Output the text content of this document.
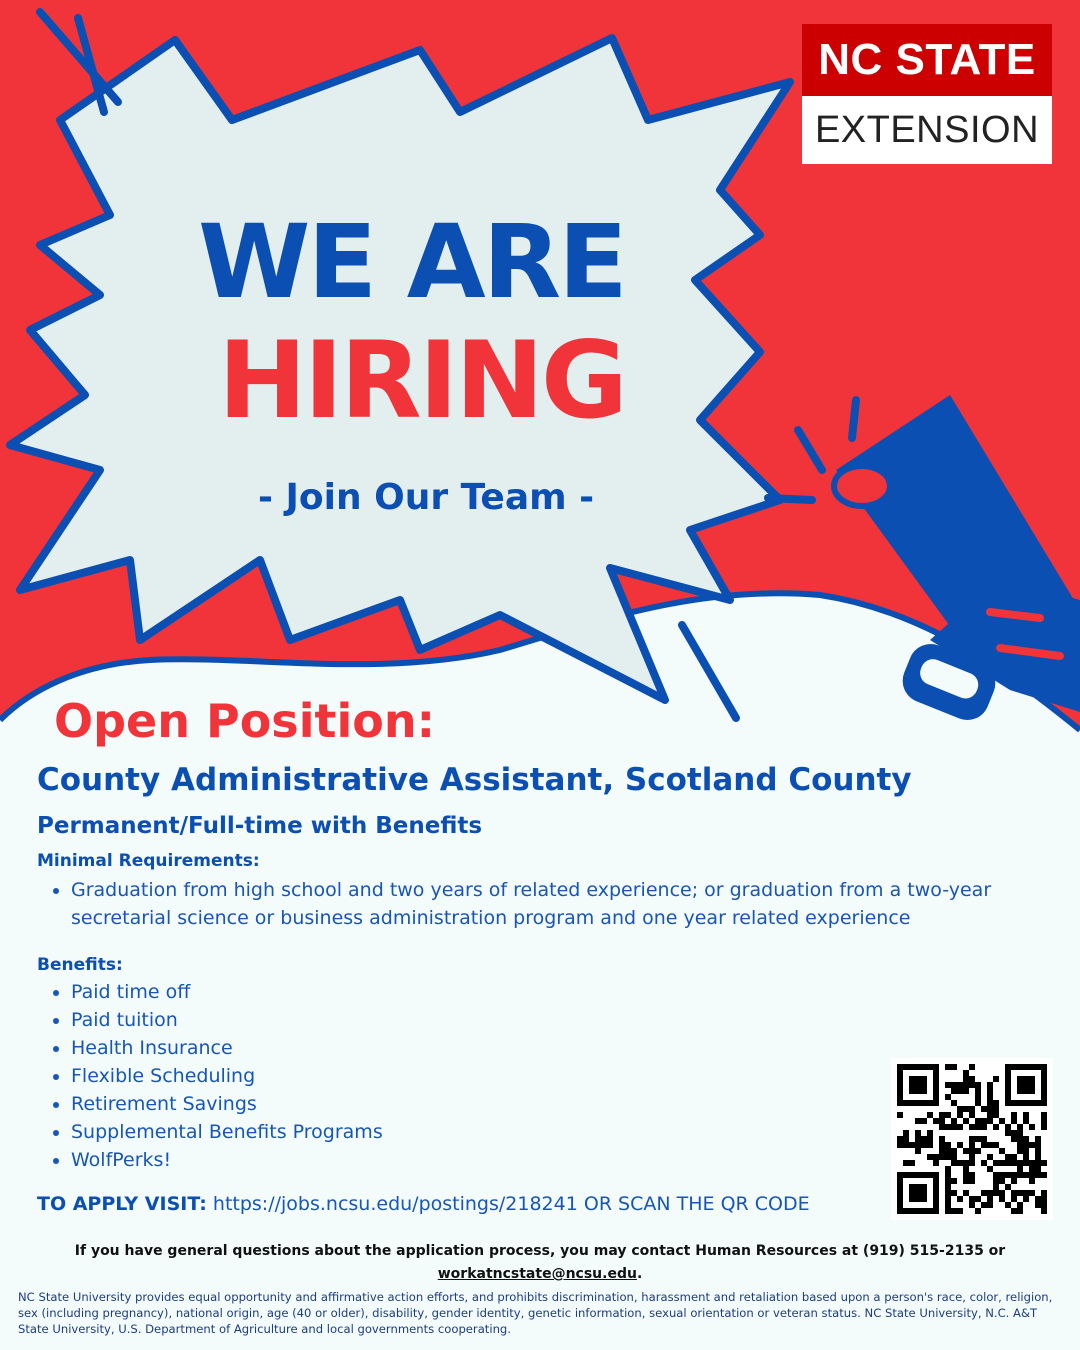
NC STATE
EXTENSION
WE ARE
HIRING
- Join Our Team -
Open Position:
County Administrative Assistant, Scotland County
Permanent/Full-time with Benefits
Minimal Requirements:
• Graduation from high school and two years of related experience; or graduation from a two-year secretarial science or business administration program and one year related experience
Benefits:
• Paid time off
• Paid tuition
• Health Insurance
• Flexible Scheduling
• Retirement Savings
• Supplemental Benefits Programs
• WolfPerks!
TO APPLY VISIT: https://jobs.ncsu.edu/postings/218241 OR SCAN THE QR CODE
If you have general questions about the application process, you may contact Human Resources at (919) 515-2135 or
workatncstate@ncsu.edu.
NC State University provides equal opportunity and affirmative action efforts, and prohibits discrimination, harassment and retaliation based upon a person's race, color, religion, sex (including pregnancy), national origin, age (40 or older), disability, gender identity, genetic information, sexual orientation or veteran status. NC State University, N.C. A&T State University, U.S. Department of Agriculture and local governments cooperating.
